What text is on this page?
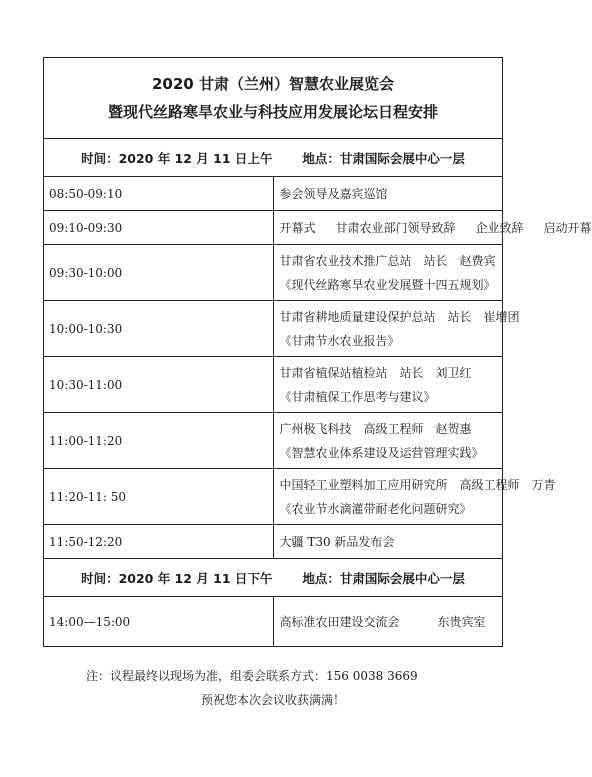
2020 甘肃（兰州）智慧农业展览会
暨现代丝路寒旱农业与科技应用发展论坛日程安排	

时间：2020 年 12 月 11 日上午 地点：甘肃国际会展中心一层	
08:50-09:10	参会领导及嘉宾巡馆

09:10-09:30	开幕式 甘肃农业部门领导致辞 企业致辞 启动开幕

09:30-10:00	甘肃省农业技术推广总站　站长　赵费宾
《现代丝路寒旱农业发展暨十四五规划》

10:00-10:30	甘肃省耕地质量建设保护总站　站长　崔增团
《甘肃节水农业报告》

10:30-11:00	甘肃省植保站植检站　站长　刘卫红
《甘肃植保工作思考与建议》

11:00-11:20	广州极飞科技　高级工程师　赵贺惠
《智慧农业体系建设及运营管理实践》

11:20-11: 50	中国轻工业塑料加工应用研究所　高级工程师　万青
《农业节水滴灌带耐老化问题研究》

11:50-12:20	大疆 T30 新品发布会

时间：2020 年 12 月 11 日下午 地点：甘肃国际会展中心一层	
14:00—15:00	高标准农田建设交流会 东贵宾室
注：议程最终以现场为准，组委会联系方式：156 0038 3669
预祝您本次会议收获满满！
